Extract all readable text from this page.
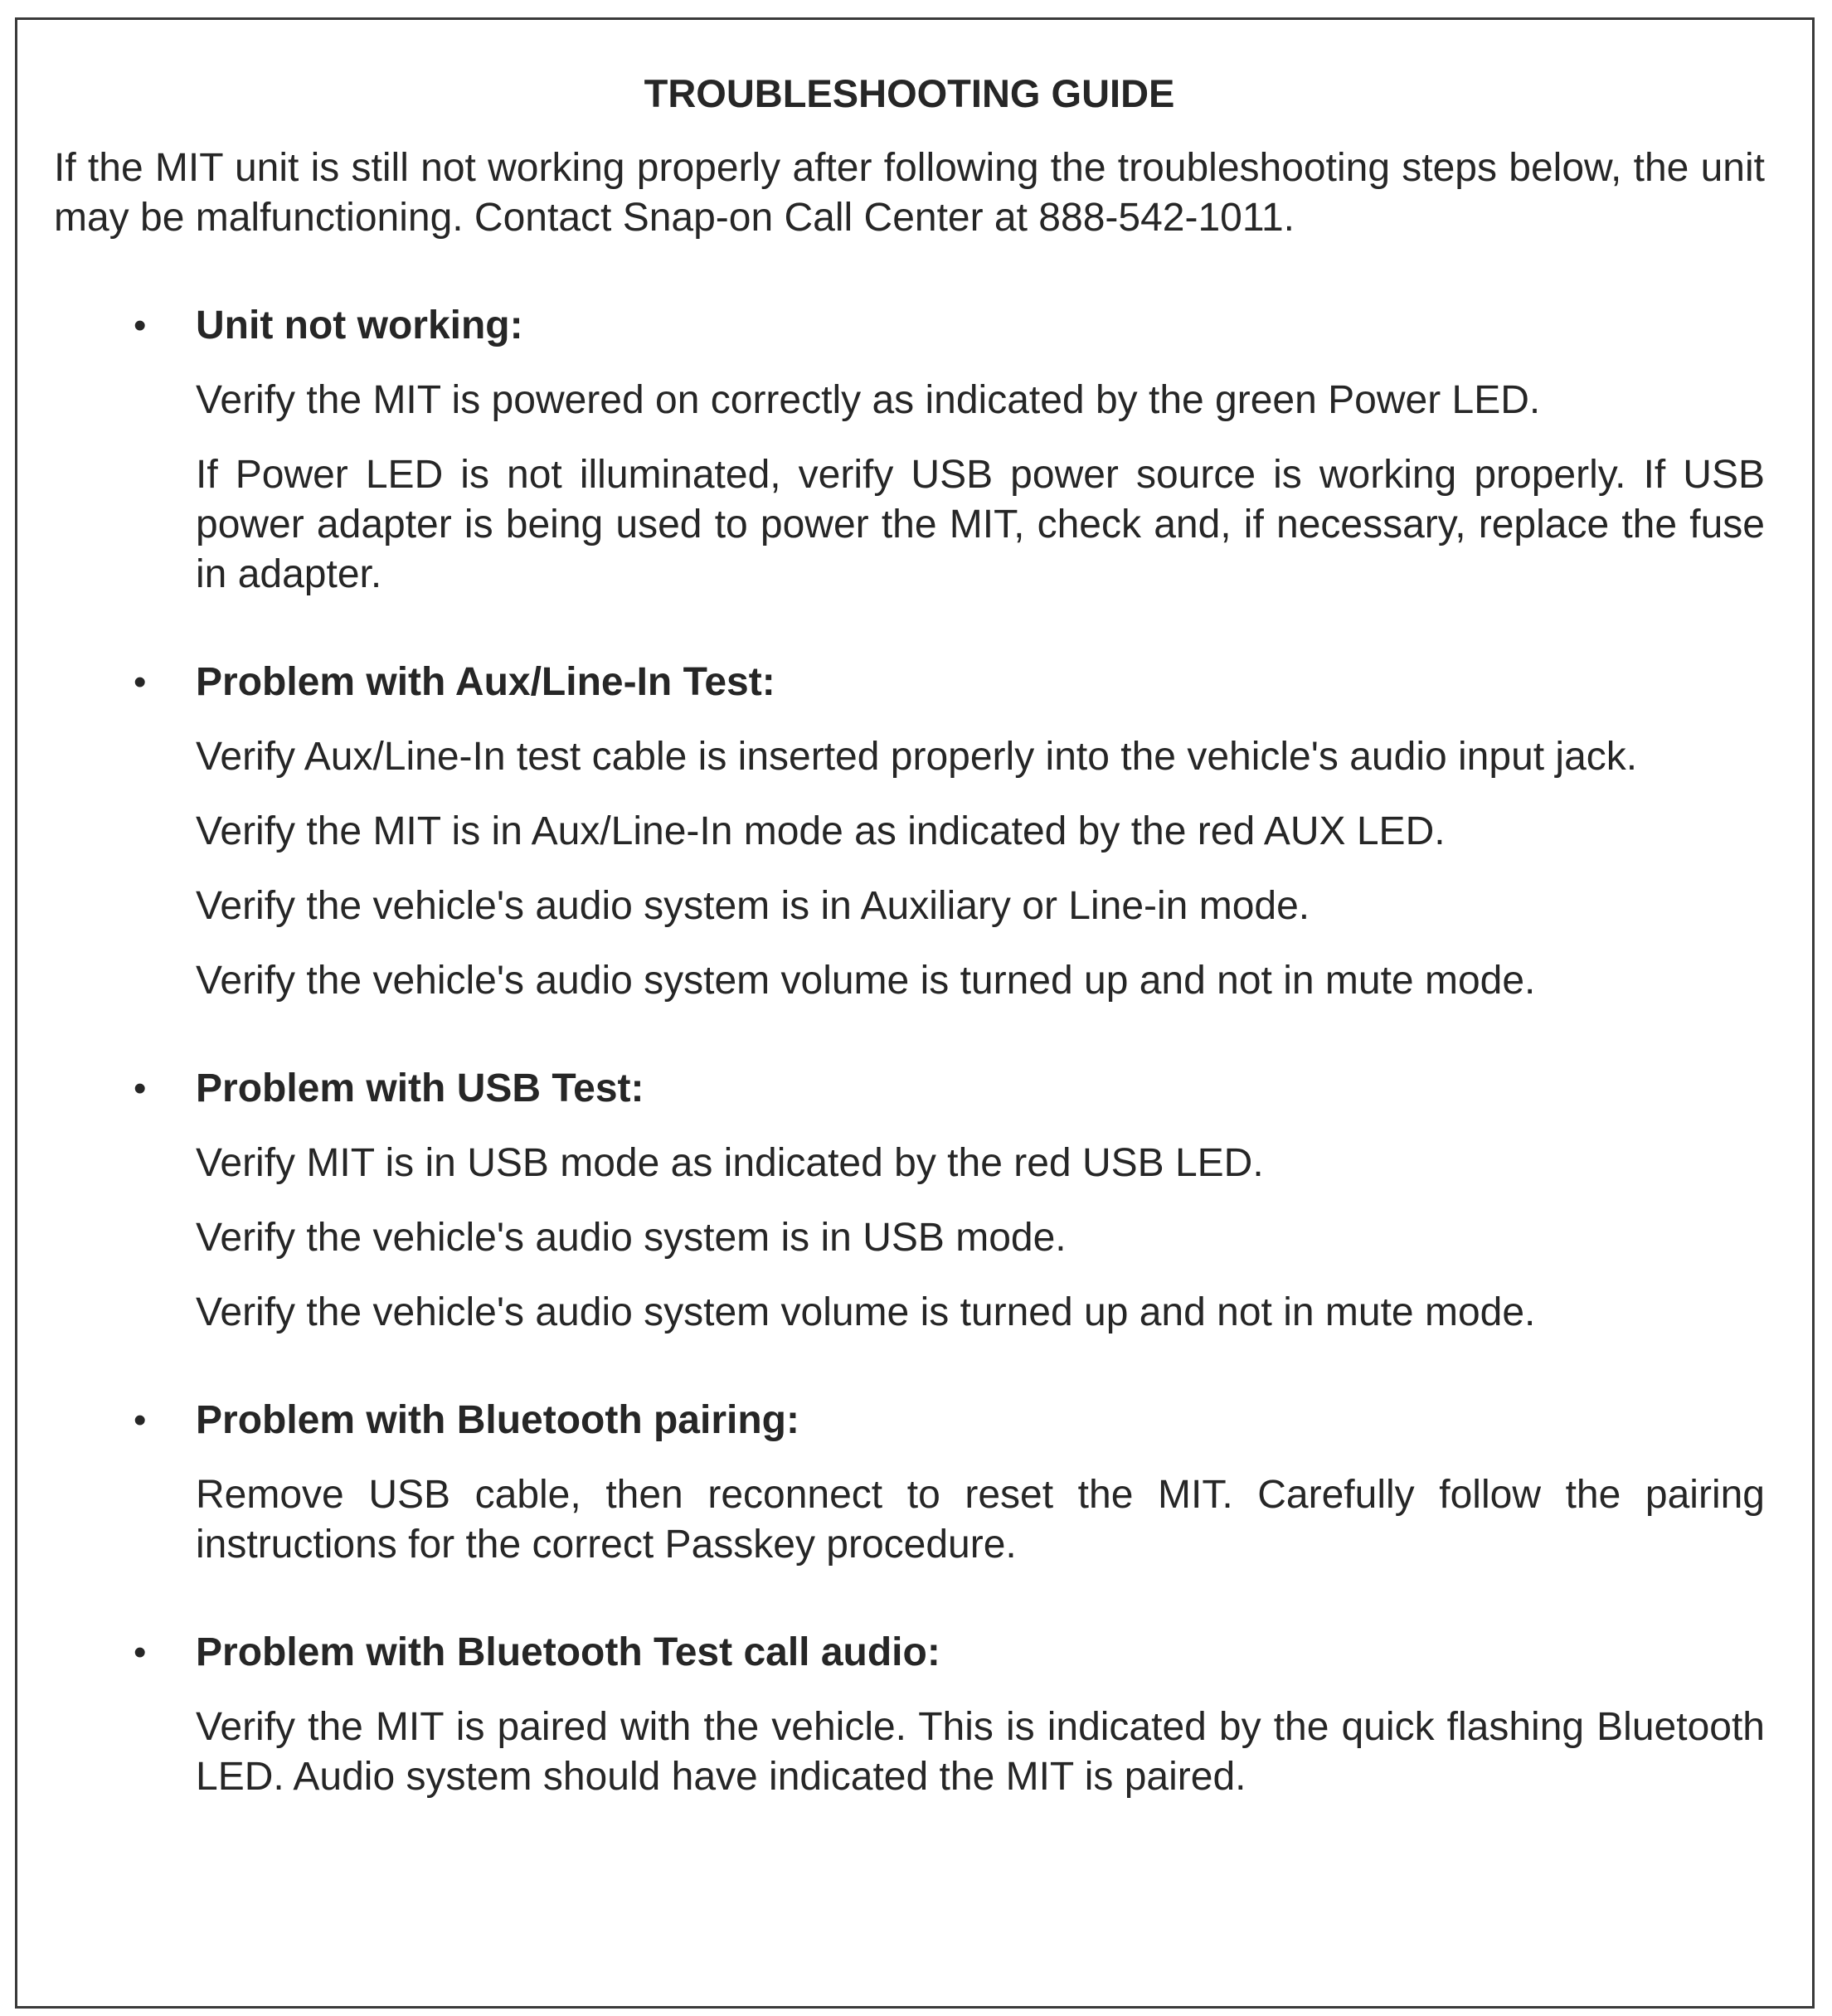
TROUBLESHOOTING GUIDE

If the MIT unit is still not working properly after following the troubleshooting steps below, the unit may be malfunctioning. Contact Snap-on Call Center at 888-542-1011.

• Unit not working:

Verify the MIT is powered on correctly as indicated by the green Power LED.

If Power LED is not illuminated, verify USB power source is working properly. If USB power adapter is being used to power the MIT, check and, if necessary, replace the fuse in adapter.

• Problem with Aux/Line-In Test:

Verify Aux/Line-In test cable is inserted properly into the vehicle's audio input jack.

Verify the MIT is in Aux/Line-In mode as indicated by the red AUX LED.

Verify the vehicle's audio system is in Auxiliary or Line-in mode.

Verify the vehicle's audio system volume is turned up and not in mute mode.

• Problem with USB Test:

Verify MIT is in USB mode as indicated by the red USB LED.

Verify the vehicle's audio system is in USB mode.

Verify the vehicle's audio system volume is turned up and not in mute mode.

• Problem with Bluetooth pairing:

Remove USB cable, then reconnect to reset the MIT. Carefully follow the pairing instructions for the correct Passkey procedure.

• Problem with Bluetooth Test call audio:

Verify the MIT is paired with the vehicle. This is indicated by the quick flashing Bluetooth LED. Audio system should have indicated the MIT is paired.
